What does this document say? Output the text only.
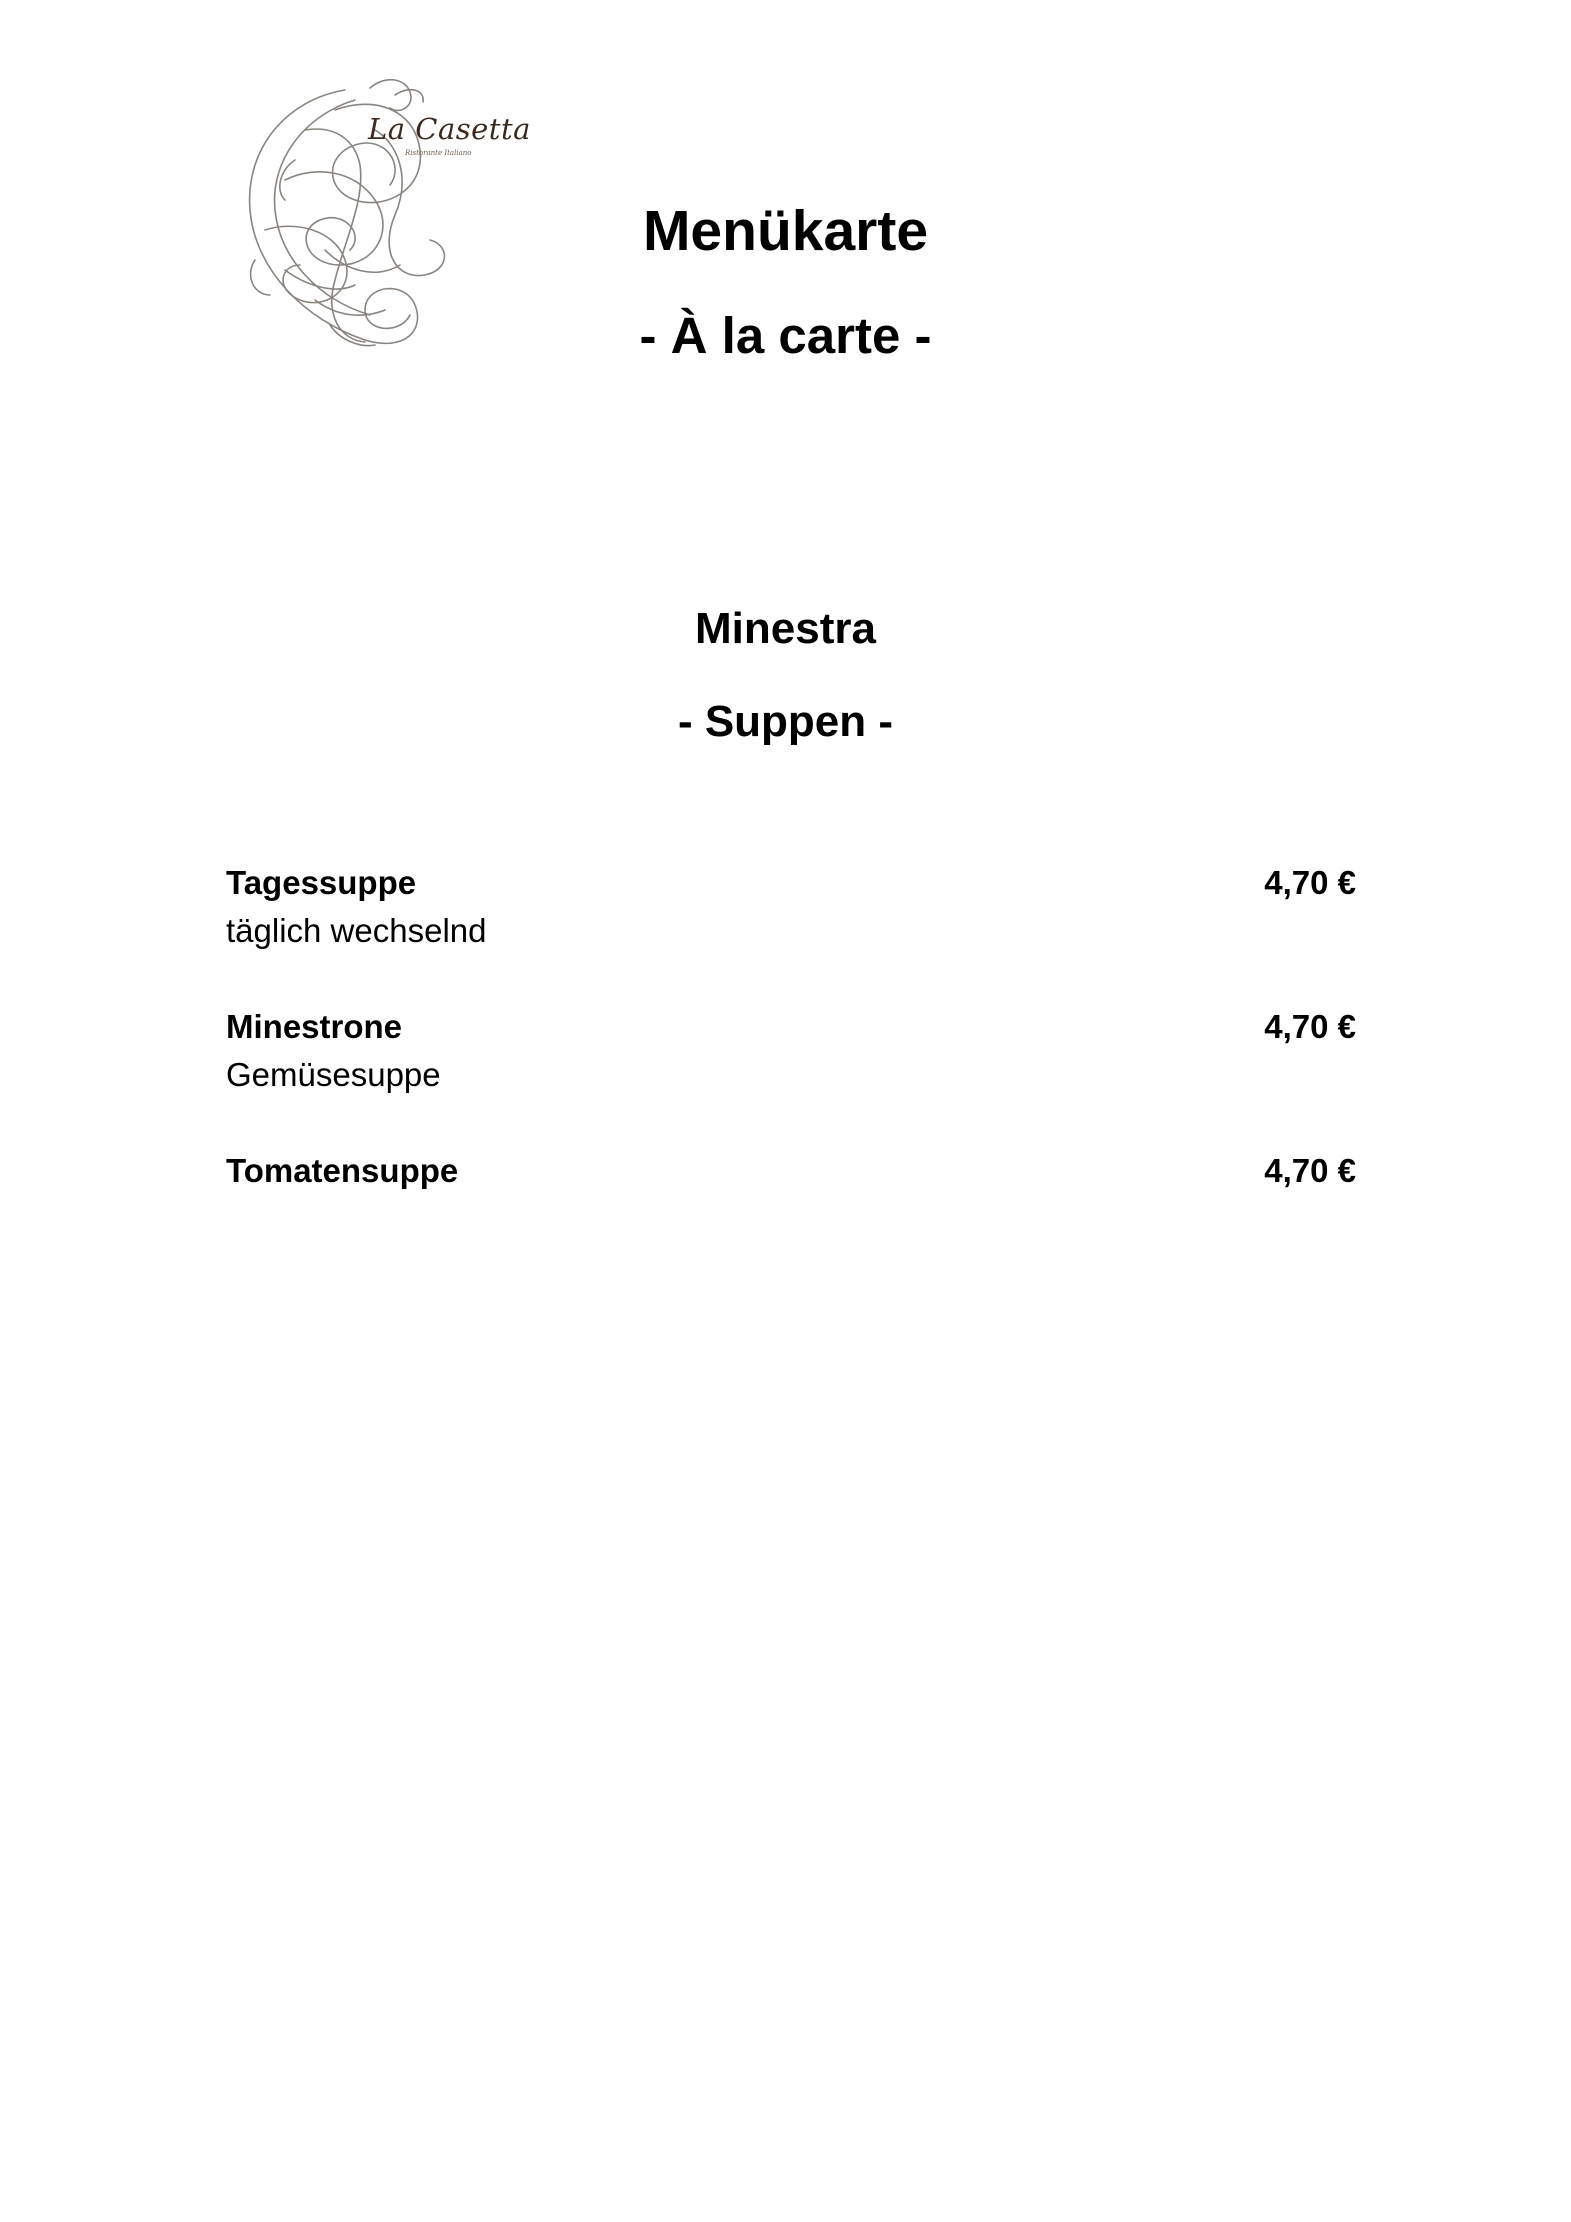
La Casetta
Ristorante Italiano
Menükarte
- À la carte -
Minestra
- Suppen -
Tagessuppe	4,70 €
täglich wechselnd
Minestrone	4,70 €
Gemüsesuppe
Tomatensuppe	4,70 €
